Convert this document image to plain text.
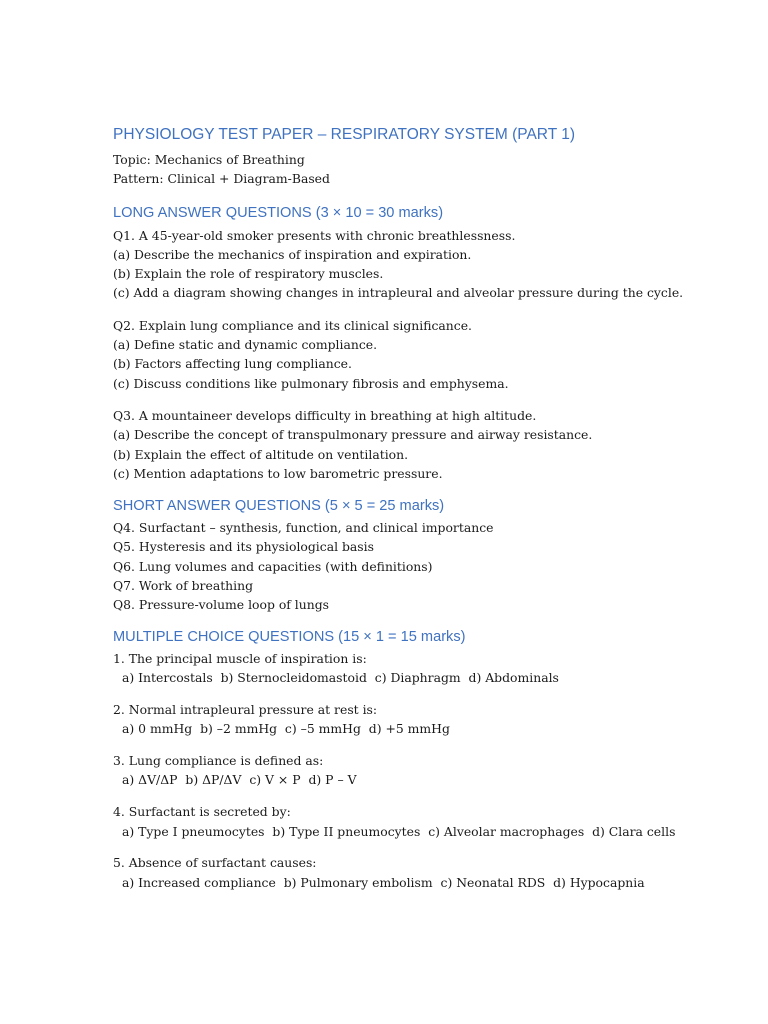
PHYSIOLOGY TEST PAPER – RESPIRATORY SYSTEM (PART 1)
Topic: Mechanics of Breathing
Pattern: Clinical + Diagram-Based
LONG ANSWER QUESTIONS (3 × 10 = 30 marks)
Q1. A 45-year-old smoker presents with chronic breathlessness.
(a) Describe the mechanics of inspiration and expiration.
(b) Explain the role of respiratory muscles.
(c) Add a diagram showing changes in intrapleural and alveolar pressure during the cycle.
Q2. Explain lung compliance and its clinical significance.
(a) Define static and dynamic compliance.
(b) Factors affecting lung compliance.
(c) Discuss conditions like pulmonary fibrosis and emphysema.
Q3. A mountaineer develops difficulty in breathing at high altitude.
(a) Describe the concept of transpulmonary pressure and airway resistance.
(b) Explain the effect of altitude on ventilation.
(c) Mention adaptations to low barometric pressure.
SHORT ANSWER QUESTIONS (5 × 5 = 25 marks)
Q4. Surfactant – synthesis, function, and clinical importance
Q5. Hysteresis and its physiological basis
Q6. Lung volumes and capacities (with definitions)
Q7. Work of breathing
Q8. Pressure-volume loop of lungs
MULTIPLE CHOICE QUESTIONS (15 × 1 = 15 marks)
1. The principal muscle of inspiration is:
a) Intercostals  b) Sternocleidomastoid  c) Diaphragm  d) Abdominals
2. Normal intrapleural pressure at rest is:
a) 0 mmHg  b) –2 mmHg  c) –5 mmHg  d) +5 mmHg
3. Lung compliance is defined as:
a) ΔV/ΔP  b) ΔP/ΔV  c) V × P  d) P – V
4. Surfactant is secreted by:
a) Type I pneumocytes  b) Type II pneumocytes  c) Alveolar macrophages  d) Clara cells
5. Absence of surfactant causes:
a) Increased compliance  b) Pulmonary embolism  c) Neonatal RDS  d) Hypocapnia
